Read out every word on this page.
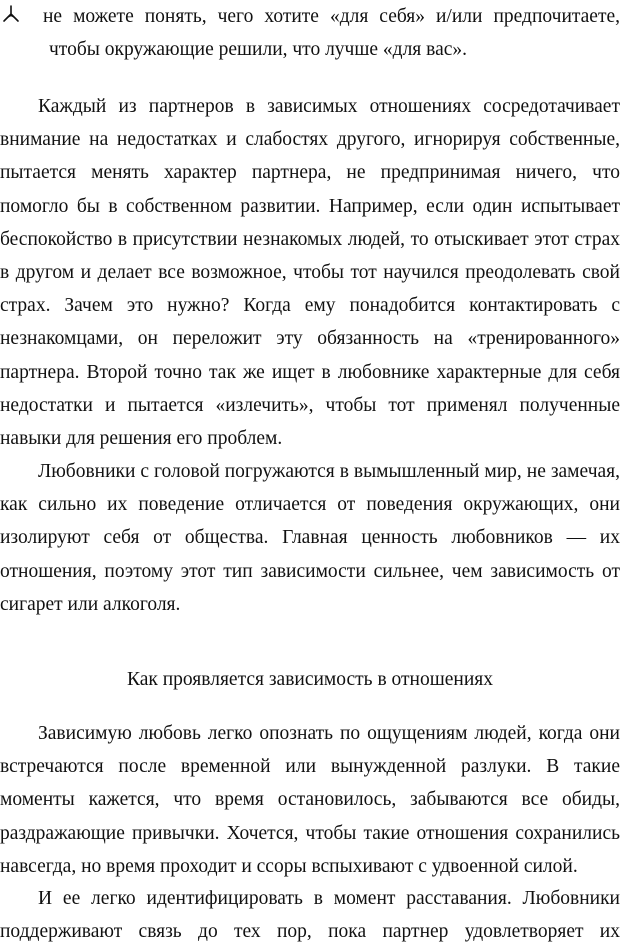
не можете понять, чего хотите «для себя» и/или предпочитаете,
чтобы окружающие решили, что лучше «для вас».

Каждый из партнеров в зависимых отношениях сосредотачивает внимание на недостатках и слабостях другого, игнорируя собственные, пытается менять характер партнера, не предпринимая ничего, что помогло бы в собственном развитии. Например, если один испытывает беспокойство в присутствии незнакомых людей, то отыскивает этот страх в другом и делает все возможное, чтобы тот научился преодолевать свой страх. Зачем это нужно? Когда ему понадобится контактировать с незнакомцами, он переложит эту обязанность на «тренированного» партнера. Второй точно так же ищет в любовнике характерные для себя недостатки и пытается «излечить», чтобы тот применял полученные навыки для решения его проблем.

Любовники с головой погружаются в вымышленный мир, не замечая, как сильно их поведение отличается от поведения окружающих, они изолируют себя от общества. Главная ценность любовников — их отношения, поэтому этот тип зависимости сильнее, чем зависимость от сигарет или алкоголя.

Как проявляется зависимость в отношениях

Зависимую любовь легко опознать по ощущениям людей, когда они встречаются после временной или вынужденной разлуки. В такие моменты кажется, что время остановилось, забываются все обиды, раздражающие привычки. Хочется, чтобы такие отношения сохранились навсегда, но время проходит и ссоры вспыхивают с удвоенной силой.

И ее легко идентифицировать в момент расставания. Любовники поддерживают связь до тех пор, пока партнер удовлетворяет их
